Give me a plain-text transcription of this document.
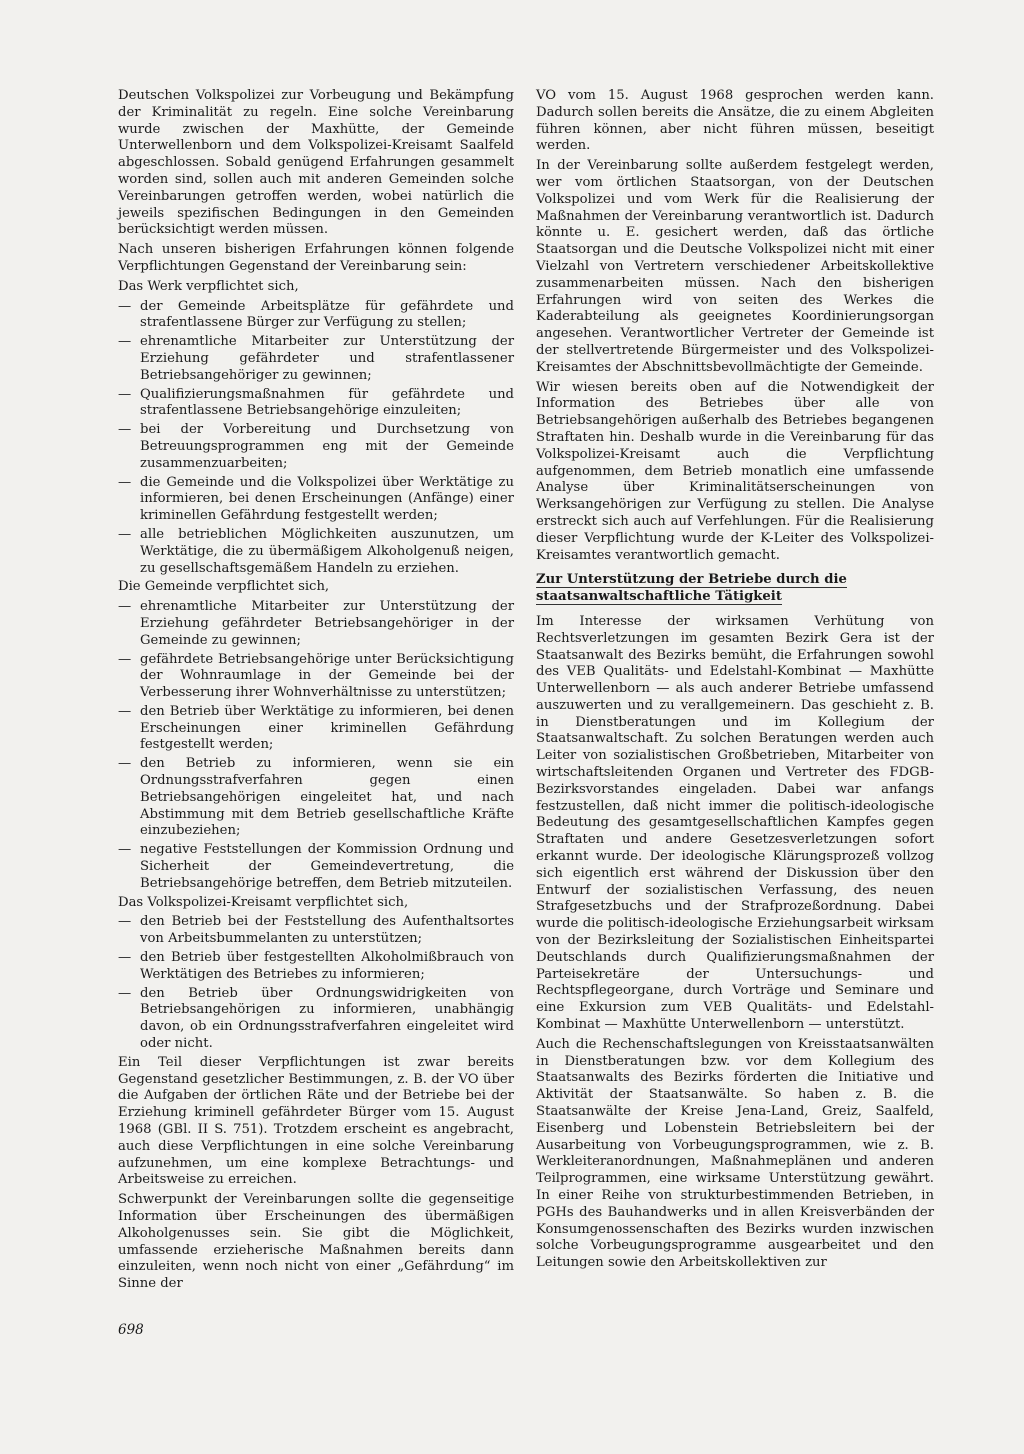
Deutschen Volkspolizei zur Vorbeugung und Bekämpfung der Kriminalität zu regeln. Eine solche Vereinbarung wurde zwischen der Maxhütte, der Gemeinde Unterwellenborn und dem Volkspolizei-Kreisamt Saalfeld abgeschlossen. Sobald genügend Erfahrungen gesammelt worden sind, sollen auch mit anderen Gemeinden solche Vereinbarungen getroffen werden, wobei natürlich die jeweils spezifischen Bedingungen in den Gemeinden berücksichtigt werden müssen.

Nach unseren bisherigen Erfahrungen können folgende Verpflichtungen Gegenstand der Vereinbarung sein:

Das Werk verpflichtet sich,

— der Gemeinde Arbeitsplätze für gefährdete und strafentlassene Bürger zur Verfügung zu stellen;

— ehrenamtliche Mitarbeiter zur Unterstützung der Erziehung gefährdeter und strafentlassener Betriebsangehöriger zu gewinnen;

— Qualifizierungsmaßnahmen für gefährdete und strafentlassene Betriebsangehörige einzuleiten;

— bei der Vorbereitung und Durchsetzung von Betreuungsprogrammen eng mit der Gemeinde zusammenzuarbeiten;

— die Gemeinde und die Volkspolizei über Werktätige zu informieren, bei denen Erscheinungen (Anfänge) einer kriminellen Gefährdung festgestellt werden;

— alle betrieblichen Möglichkeiten auszunutzen, um Werktätige, die zu übermäßigem Alkoholgenuß neigen, zu gesellschaftsgemäßem Handeln zu erziehen.

Die Gemeinde verpflichtet sich,

— ehrenamtliche Mitarbeiter zur Unterstützung der Erziehung gefährdeter Betriebsangehöriger in der Gemeinde zu gewinnen;

— gefährdete Betriebsangehörige unter Berücksichtigung der Wohnraumlage in der Gemeinde bei der Verbesserung ihrer Wohnverhältnisse zu unterstützen;

— den Betrieb über Werktätige zu informieren, bei denen Erscheinungen einer kriminellen Gefährdung festgestellt werden;

— den Betrieb zu informieren, wenn sie ein Ordnungsstrafverfahren gegen einen Betriebsangehörigen eingeleitet hat, und nach Abstimmung mit dem Betrieb gesellschaftliche Kräfte einzubeziehen;

— negative Feststellungen der Kommission Ordnung und Sicherheit der Gemeindevertretung, die Betriebsangehörige betreffen, dem Betrieb mitzuteilen.

Das Volkspolizei-Kreisamt verpflichtet sich,

— den Betrieb bei der Feststellung des Aufenthaltsortes von Arbeitsbummelanten zu unterstützen;

— den Betrieb über festgestellten Alkoholmißbrauch von Werktätigen des Betriebes zu informieren;

— den Betrieb über Ordnungswidrigkeiten von Betriebsangehörigen zu informieren, unabhängig davon, ob ein Ordnungsstrafverfahren eingeleitet wird oder nicht.

Ein Teil dieser Verpflichtungen ist zwar bereits Gegenstand gesetzlicher Bestimmungen, z. B. der VO über die Aufgaben der örtlichen Räte und der Betriebe bei der Erziehung kriminell gefährdeter Bürger vom 15. August 1968 (GBl. II S. 751). Trotzdem erscheint es angebracht, auch diese Verpflichtungen in eine solche Vereinbarung aufzunehmen, um eine komplexe Betrachtungs- und Arbeitsweise zu erreichen.

Schwerpunkt der Vereinbarungen sollte die gegenseitige Information über Erscheinungen des übermäßigen Alkoholgenusses sein. Sie gibt die Möglichkeit, umfassende erzieherische Maßnahmen bereits dann einzuleiten, wenn noch nicht von einer „Gefährdung“ im Sinne der

VO vom 15. August 1968 gesprochen werden kann. Dadurch sollen bereits die Ansätze, die zu einem Abgleiten führen können, aber nicht führen müssen, beseitigt werden.

In der Vereinbarung sollte außerdem festgelegt werden, wer vom örtlichen Staatsorgan, von der Deutschen Volkspolizei und vom Werk für die Realisierung der Maßnahmen der Vereinbarung verantwortlich ist. Dadurch könnte u. E. gesichert werden, daß das örtliche Staatsorgan und die Deutsche Volkspolizei nicht mit einer Vielzahl von Vertretern verschiedener Arbeitskollektive zusammenarbeiten müssen. Nach den bisherigen Erfahrungen wird von seiten des Werkes die Kaderabteilung als geeignetes Koordinierungsorgan angesehen. Verantwortlicher Vertreter der Gemeinde ist der stellvertretende Bürgermeister und des Volkspolizei-Kreisamtes der Abschnittsbevollmächtigte der Gemeinde.

Wir wiesen bereits oben auf die Notwendigkeit der Information des Betriebes über alle von Betriebsangehörigen außerhalb des Betriebes begangenen Straftaten hin. Deshalb wurde in die Vereinbarung für das Volkspolizei-Kreisamt auch die Verpflichtung aufgenommen, dem Betrieb monatlich eine umfassende Analyse über Kriminalitätserscheinungen von Werksangehörigen zur Verfügung zu stellen. Die Analyse erstreckt sich auch auf Verfehlungen. Für die Realisierung dieser Verpflichtung wurde der K-Leiter des Volkspolizei-Kreisamtes verantwortlich gemacht.

Zur Unterstützung der Betriebe durch die staatsanwaltschaftliche Tätigkeit

Im Interesse der wirksamen Verhütung von Rechtsverletzungen im gesamten Bezirk Gera ist der Staatsanwalt des Bezirks bemüht, die Erfahrungen sowohl des VEB Qualitäts- und Edelstahl-Kombinat — Maxhütte Unterwellenborn — als auch anderer Betriebe umfassend auszuwerten und zu verallgemeinern. Das geschieht z. B. in Dienstberatungen und im Kollegium der Staatsanwaltschaft. Zu solchen Beratungen werden auch Leiter von sozialistischen Großbetrieben, Mitarbeiter von wirtschaftsleitenden Organen und Vertreter des FDGB-Bezirksvorstandes eingeladen. Dabei war anfangs festzustellen, daß nicht immer die politisch-ideologische Bedeutung des gesamtgesellschaftlichen Kampfes gegen Straftaten und andere Gesetzesverletzungen sofort erkannt wurde. Der ideologische Klärungsprozeß vollzog sich eigentlich erst während der Diskussion über den Entwurf der sozialistischen Verfassung, des neuen Strafgesetzbuchs und der Strafprozeßordnung. Dabei wurde die politisch-ideologische Erziehungsarbeit wirksam von der Bezirksleitung der Sozialistischen Einheitspartei Deutschlands durch Qualifizierungsmaßnahmen der Parteisekretäre der Untersuchungs- und Rechtspflegeorgane, durch Vorträge und Seminare und eine Exkursion zum VEB Qualitäts- und Edelstahl-Kombinat — Maxhütte Unterwellenborn — unterstützt.

Auch die Rechenschaftslegungen von Kreisstaatsanwälten in Dienstberatungen bzw. vor dem Kollegium des Staatsanwalts des Bezirks förderten die Initiative und Aktivität der Staatsanwälte. So haben z. B. die Staatsanwälte der Kreise Jena-Land, Greiz, Saalfeld, Eisenberg und Lobenstein Betriebsleitern bei der Ausarbeitung von Vorbeugungsprogrammen, wie z. B. Werkleiteranordnungen, Maßnahmeplänen und anderen Teilprogrammen, eine wirksame Unterstützung gewährt. In einer Reihe von strukturbestimmenden Betrieben, in PGHs des Bauhandwerks und in allen Kreisverbänden der Konsumgenossenschaften des Bezirks wurden inzwischen solche Vorbeugungsprogramme ausgearbeitet und den Leitungen sowie den Arbeitskollektiven zur

698
